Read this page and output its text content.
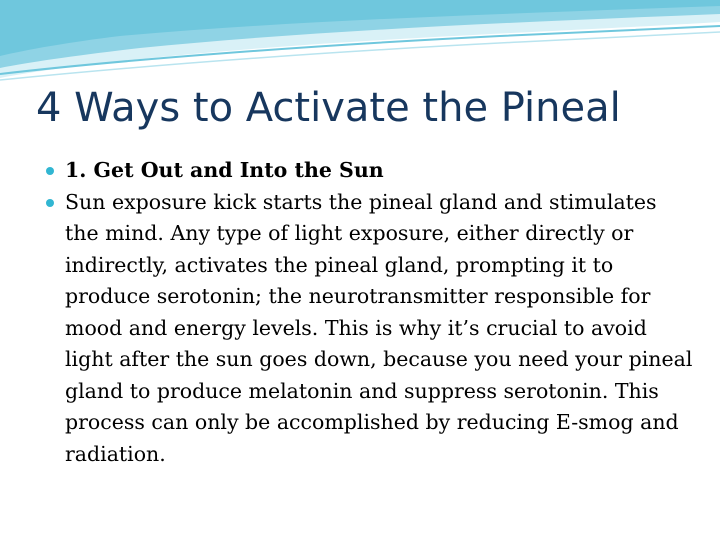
4 Ways to Activate the Pineal
1. Get Out and Into the Sun
Sun exposure kick starts the pineal gland and stimulates the mind. Any type of light exposure, either directly or indirectly, activates the pineal gland, prompting it to produce serotonin; the neurotransmitter responsible for mood and energy levels. This is why it’s crucial to avoid light after the sun goes down, because you need your pineal gland to produce melatonin and suppress serotonin. This process can only be accomplished by reducing E-smog and radiation.
